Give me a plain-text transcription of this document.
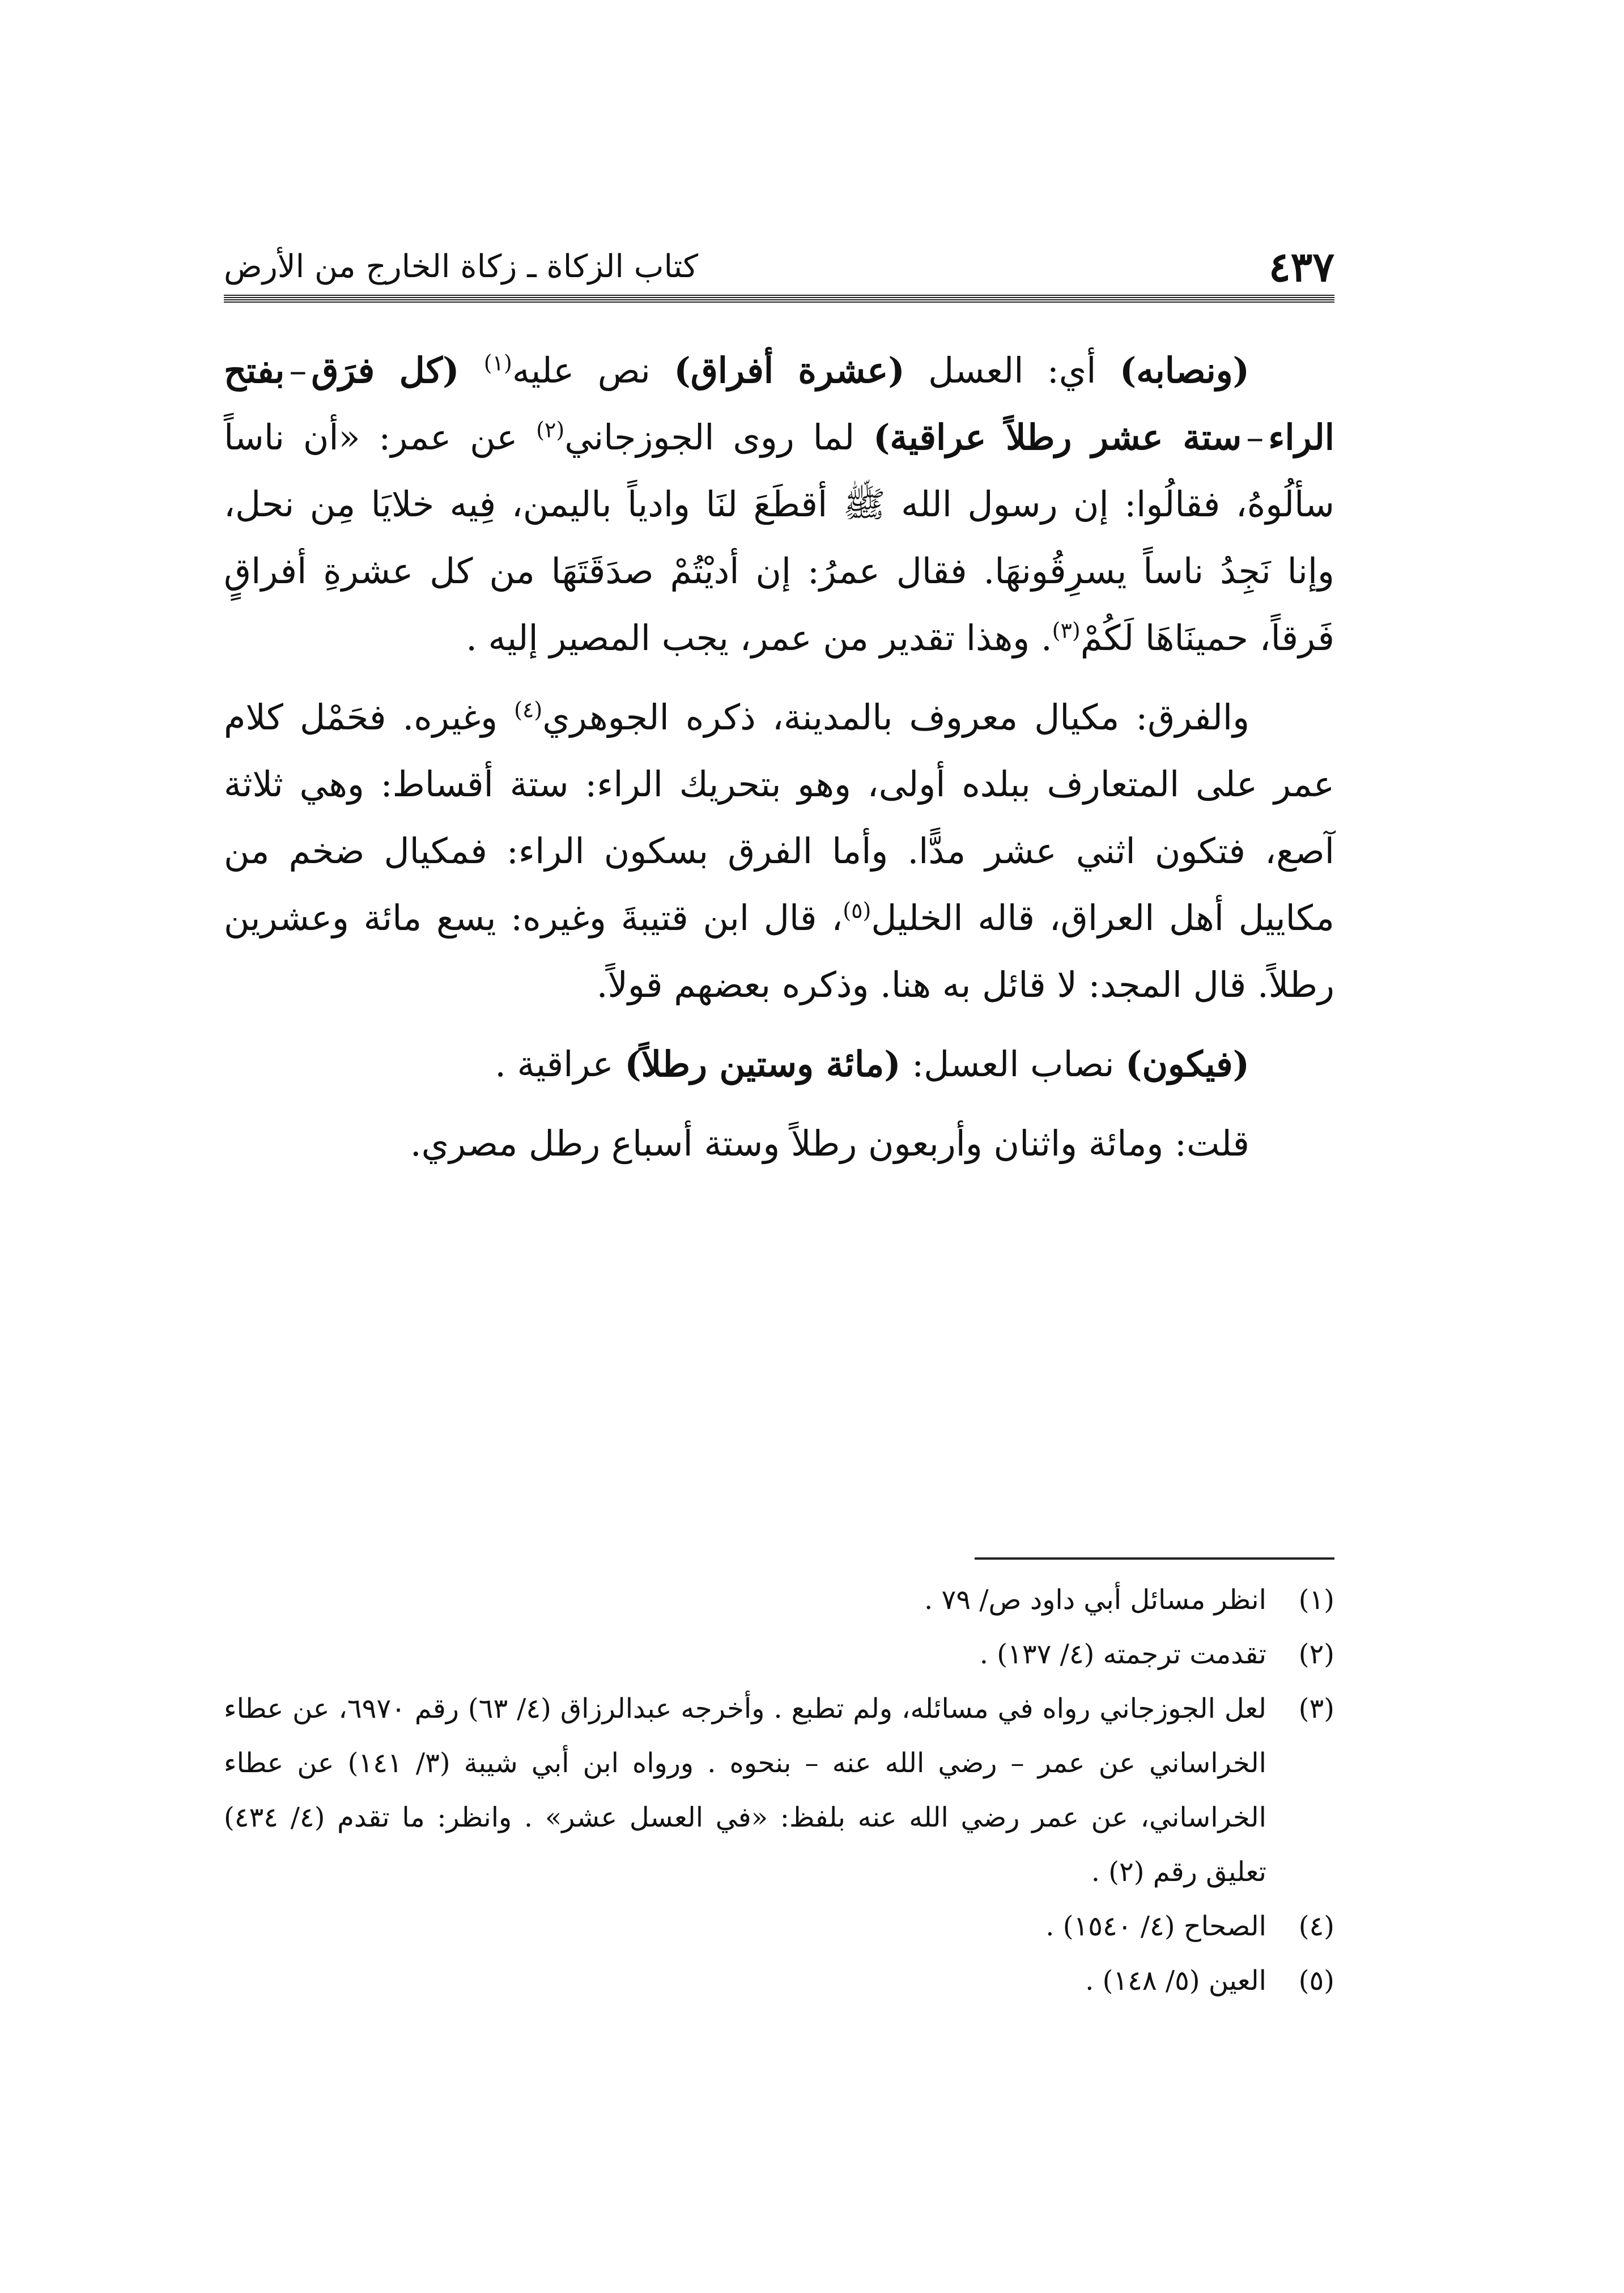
٤٣٧
كتاب الزكاة ـ زكاة الخارج من الأرض

(ونصابه) أي: العسل (عشرة أفراق) نص عليه$^{(١)}$ (كل فرَق–بفتح الراء–ستة عشر رطلاً عراقية) لما روى الجوزجاني$^{(٢)}$ عن عمر: «أن ناساً سألُوهُ، فقالُوا: إن رسول الله ﷺ أقطَعَ لنَا وادياً باليمن، فِيه خلايَا مِن نحل، وإنا نَجِدُ ناساً يسرِقُونهَا. فقال عمرُ: إن أديْتُمْ صدَقَتَهَا من كل عشرةِ أفراقٍ فَرقاً، حمينَاهَا لَكُمْ$^{(٣)}$. وهذا تقدير من عمر، يجب المصير إليه .

والفرق: مكيال معروف بالمدينة، ذكره الجوهري$^{(٤)}$ وغيره. فحَمْل كلام عمر على المتعارف ببلده أولى، وهو بتحريك الراء: ستة أقساط: وهي ثلاثة آصع، فتكون اثني عشر مدًّا. وأما الفرق بسكون الراء: فمكيال ضخم من مكاييل أهل العراق، قاله الخليل$^{(٥)}$، قال ابن قتيبةَ وغيره: يسع مائة وعشرين رطلاً. قال المجد: لا قائل به هنا. وذكره بعضهم قولاً.

(فيكون) نصاب العسل: (مائة وستين رطلاً) عراقية .

قلت: ومائة واثنان وأربعون رطلاً وستة أسباع رطل مصري.

(١)
انظر مسائل أبي داود ص/ ٧٩ .
(٢)
تقدمت ترجمته (٤/ ١٣٧) .
(٣)
لعل الجوزجاني رواه في مسائله، ولم تطبع . وأخرجه عبدالرزاق (٤/ ٦٣) رقم ٦٩٧٠، عن عطاء الخراساني عن عمر – رضي الله عنه – بنحوه . ورواه ابن أبي شيبة (٣/ ١٤١) عن عطاء الخراساني، عن عمر رضي الله عنه بلفظ: «في العسل عشر» . وانظر: ما تقدم (٤/ ٤٣٤) تعليق رقم (٢) .
(٤)
الصحاح (٤/ ١٥٤٠) .
(٥)
العين (٥/ ١٤٨) .
